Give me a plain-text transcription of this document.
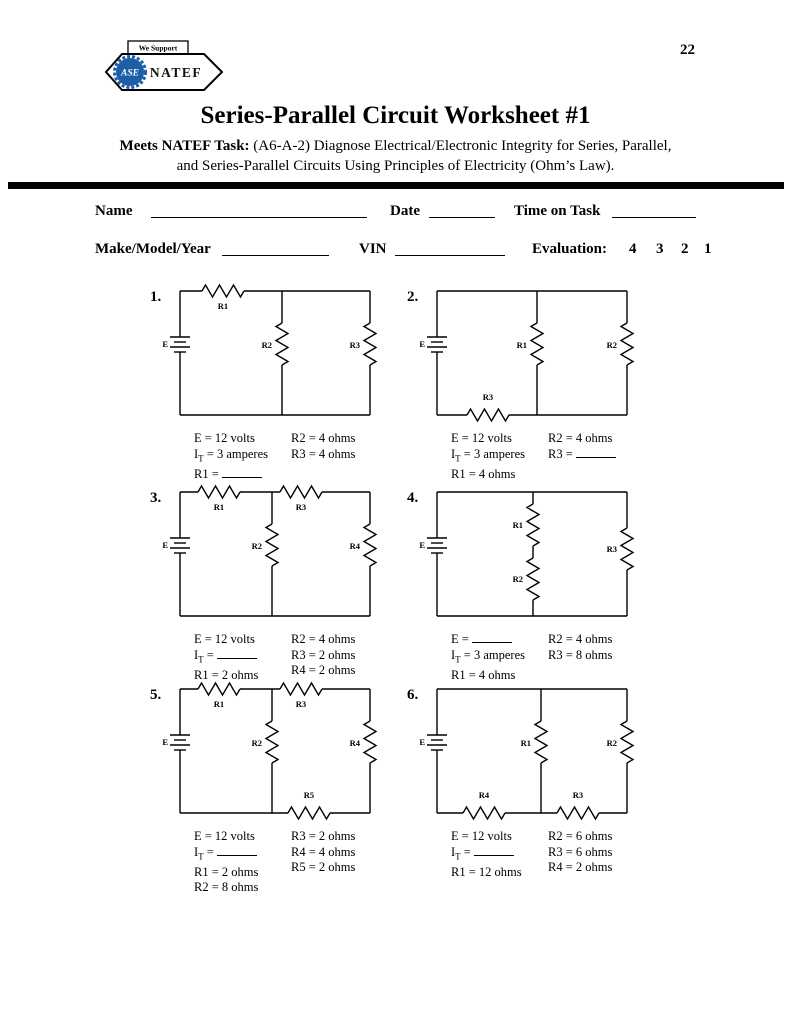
22
We Support
ASE NATEF
Series-Parallel Circuit Worksheet #1
Meets NATEF Task: (A6-A-2) Diagnose Electrical/Electronic Integrity for Series, Parallel,
and Series-Parallel Circuits Using Principles of Electricity (Ohm’s Law).
Name	Date	Time on Task
Make/Model/Year	VIN	Evaluation: 4 3 2 1
1.
E
R1
R2	R3
E = 12 volts
$I_T = 3$ amperes
R1 =
R2 = 4 ohms
R3 = 4 ohms
2.
E	R1	R2
R3
E = 12 volts
$I_T = 3$ amperes
R1 = 4 ohms
R2 = 4 ohms
R3 =
3.
E
R1	R3
R2	R4
E = 12 volts
$I_T$ =
R1 = 2 ohms
R2 = 4 ohms
R3 = 2 ohms
R4 = 2 ohms
4.
E
R1
R2
R3
E =
$I_T = 3$ amperes
R1 = 4 ohms
R2 = 4 ohms
R3 = 8 ohms
5.
E
R1	R3
R2	R4
R5
E = 12 volts
$I_T$ =
R1 = 2 ohms
R2 = 8 ohms
R3 = 2 ohms
R4 = 4 ohms
R5 = 2 ohms
6.
E	R1	R2
R4	R3
E = 12 volts
$I_T$ =
R1 = 12 ohms
R2 = 6 ohms
R3 = 6 ohms
R4 = 2 ohms
